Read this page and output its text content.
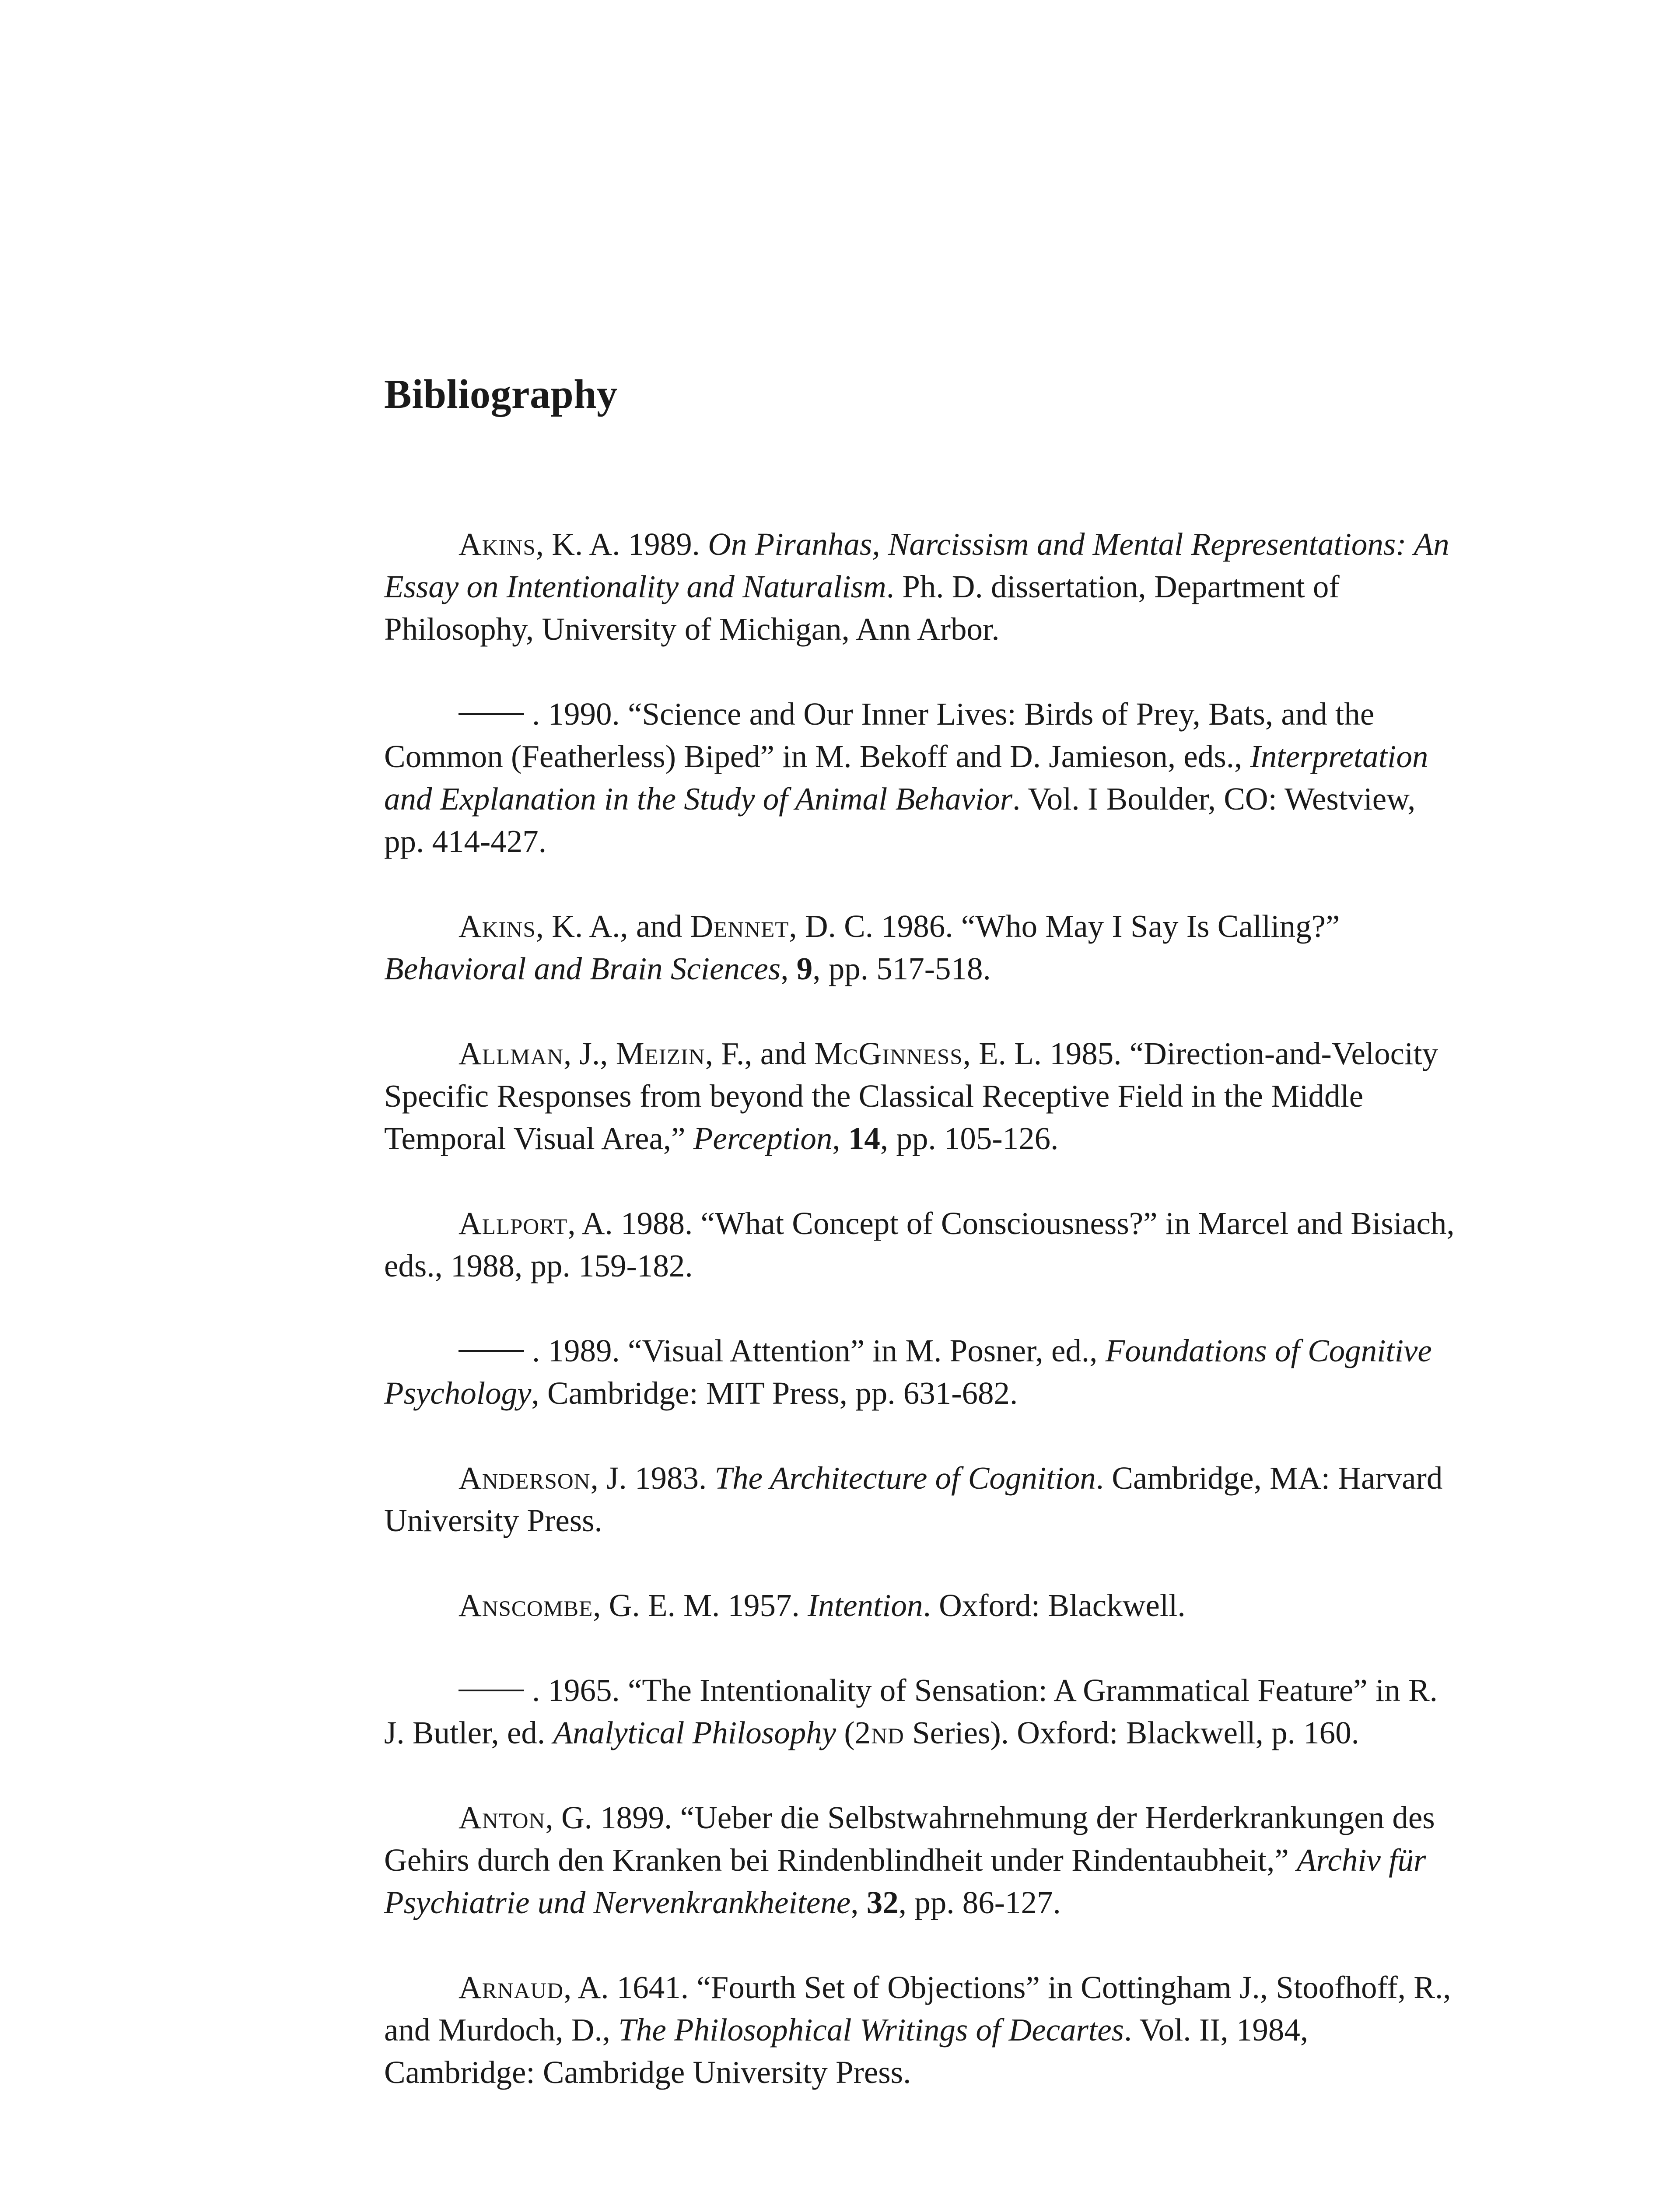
Bibliography

Akins, K. A. 1989. On Piranhas, Narcissism and Mental Representations: An Essay on Intentionality and Naturalism. Ph. D. dissertation, Department of Philosophy, University of Michigan, Ann Arbor.

. 1990. “Science and Our Inner Lives: Birds of Prey, Bats, and the Common (Featherless) Biped” in M. Bekoff and D. Jamieson, eds., Interpretation and Explanation in the Study of Animal Behavior. Vol. I Boulder, CO: Westview, pp. 414-427.

Akins, K. A., and Dennet, D. C. 1986. “Who May I Say Is Calling?” Behavioral and Brain Sciences, 9, pp. 517-518.

Allman, J., Meizin, F., and McGinness, E. L. 1985. “Direction-and-Velocity Specific Responses from beyond the Classical Receptive Field in the Middle Temporal Visual Area,” Perception, 14, pp. 105-126.

Allport, A. 1988. “What Concept of Consciousness?” in Marcel and Bisiach, eds., 1988, pp. 159-182.

. 1989. “Visual Attention” in M. Posner, ed., Foundations of Cognitive Psychology, Cambridge: MIT Press, pp. 631-682.

Anderson, J. 1983. The Architecture of Cognition. Cambridge, MA: Harvard University Press.

Anscombe, G. E. M. 1957. Intention. Oxford: Blackwell.

. 1965. “The Intentionality of Sensation: A Grammatical Feature” in R. J. Butler, ed. Analytical Philosophy (2nd Series). Oxford: Blackwell, p. 160.

Anton, G. 1899. “Ueber die Selbstwahrnehmung der Herderkrankungen des Gehirs durch den Kranken bei Rindenblindheit under Rindentaubheit,” Archiv für Psychiatrie und Nervenkrankheitene, 32, pp. 86-127.

Arnaud, A. 1641. “Fourth Set of Objections” in Cottingham J., Stoofhoff, R., and Murdoch, D., The Philosophical Writings of Decartes. Vol. II, 1984, Cambridge: Cambridge University Press.
